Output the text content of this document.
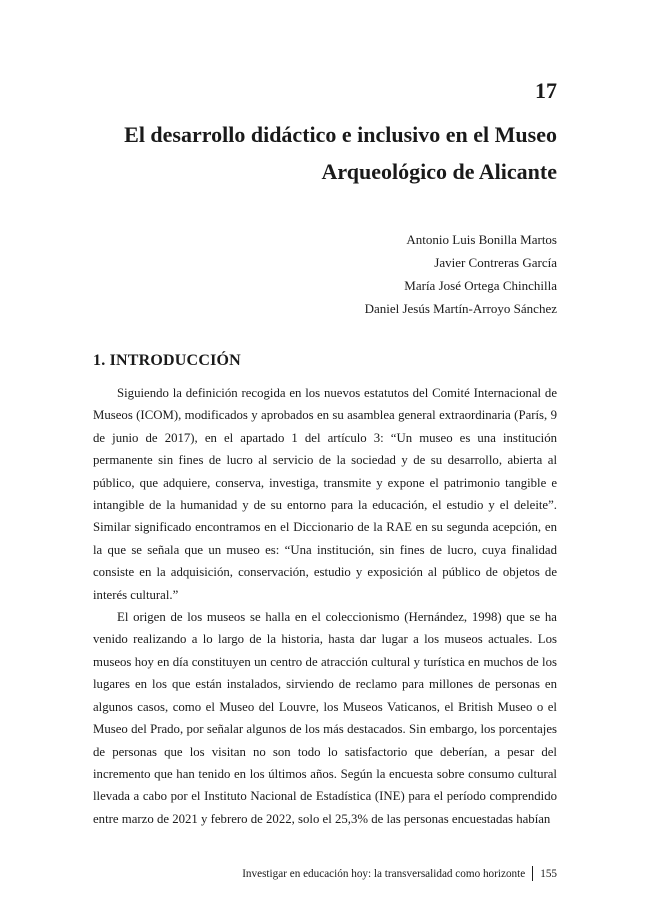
17
El desarrollo didáctico e inclusivo en el Museo
Arqueológico de Alicante
Antonio Luis Bonilla Martos
Javier Contreras García
María José Ortega Chinchilla
Daniel Jesús Martín-Arroyo Sánchez
1. INTRODUCCIÓN

Siguiendo la definición recogida en los nuevos estatutos del Comité Internacional de Museos (ICOM), modificados y aprobados en su asamblea general extraordinaria (París, 9 de junio de 2017), en el apartado 1 del artículo 3: “Un museo es una institución permanente sin fines de lucro al servicio de la sociedad y de su desarrollo, abierta al público, que adquiere, conserva, investiga, transmite y expone el patrimonio tangible e intangible de la humanidad y de su entorno para la educación, el estudio y el deleite”. Similar significado encontramos en el Diccionario de la RAE en su segunda acepción, en la que se señala que un museo es: “Una institución, sin fines de lucro, cuya finalidad consiste en la adquisición, conservación, estudio y exposición al público de objetos de interés cultural.”

El origen de los museos se halla en el coleccionismo (Hernández, 1998) que se ha venido realizando a lo largo de la historia, hasta dar lugar a los museos actuales. Los museos hoy en día constituyen un centro de atracción cultural y turística en muchos de los lugares en los que están instalados, sirviendo de reclamo para millones de personas en algunos casos, como el Museo del Louvre, los Museos Vaticanos, el British Museo o el Museo del Prado, por señalar algunos de los más destacados. Sin embargo, los porcentajes de personas que los visitan no son todo lo satisfactorio que deberían, a pesar del incremento que han tenido en los últimos años. Según la encuesta sobre consumo cultural llevada a cabo por el Instituto Nacional de Estadística (INE) para el período comprendido entre marzo de 2021 y febrero de 2022, solo el 25,3% de las personas encuestadas habían

Investigar en educación hoy: la transversalidad como horizonte 155
